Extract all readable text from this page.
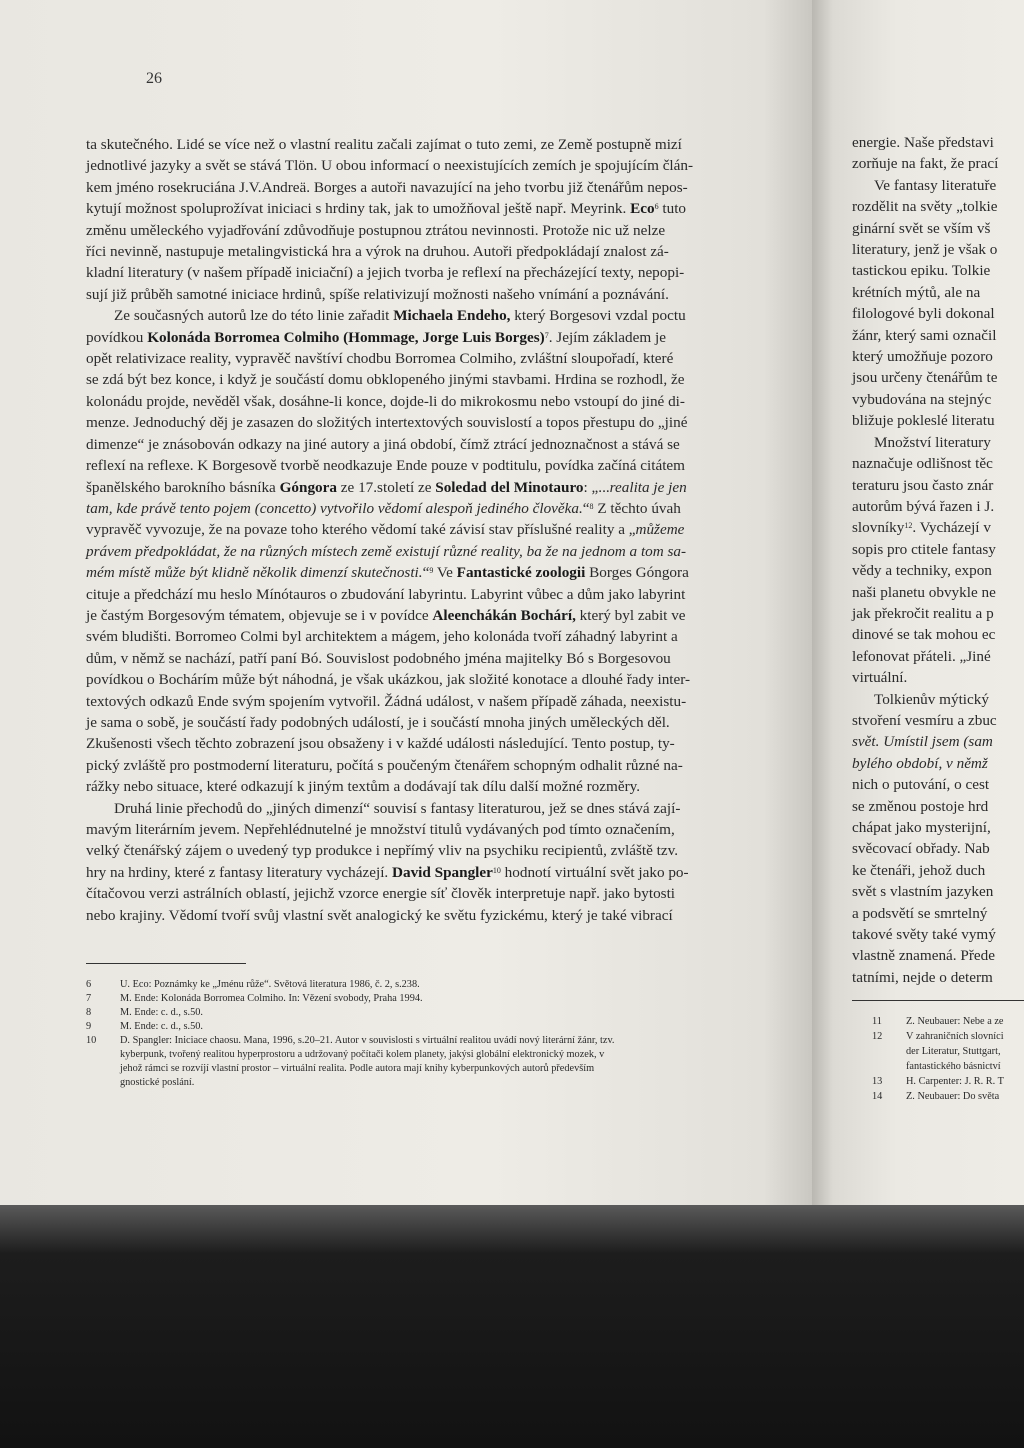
26
ta skutečného. Lidé se více než o vlastní realitu začali zajímat o tuto zemi, ze Země postupně mizí
jednotlivé jazyky a svět se stává Tlön. U obou informací o neexistujících zemích je spojujícím člán-
kem jméno rosekruciána J.V.Andreä. Borges a autoři navazující na jeho tvorbu již čtenářům nepos-
kytují možnost spoluprožívat iniciaci s hrdiny tak, jak to umožňoval ještě např. Meyrink. Eco$^6$ tuto
změnu uměleckého vyjadřování zdůvodňuje postupnou ztrátou nevinnosti. Protože nic už nelze
říci nevinně, nastupuje metalingvistická hra a výrok na druhou. Autoři předpokládají znalost zá-
kladní literatury (v našem případě iniciační) a jejich tvorba je reflexí na přecházející texty, nepopi-
sují již průběh samotné iniciace hrdinů, spíše relativizují možnosti našeho vnímání a poznávání.
Ze současných autorů lze do této linie zařadit Michaela Endeho, který Borgesovi vzdal poctu
povídkou Kolonáda Borromea Colmiho (Hommage, Jorge Luis Borges)$^7$. Jejím základem je
opět relativizace reality, vypravěč navštíví chodbu Borromea Colmiho, zvláštní sloupořadí, které
se zdá být bez konce, i když je součástí domu obklopeného jinými stavbami. Hrdina se rozhodl, že
kolonádu projde, nevěděl však, dosáhne-li konce, dojde-li do mikrokosmu nebo vstoupí do jiné di-
menze. Jednoduchý děj je zasazen do složitých intertextových souvislostí a topos přestupu do „jiné
dimenze“ je znásobován odkazy na jiné autory a jiná období, čímž ztrácí jednoznačnost a stává se
reflexí na reflexe. K Borgesově tvorbě neodkazuje Ende pouze v podtitulu, povídka začíná citátem
španělského barokního básníka Góngora ze 17.století ze Soledad del Minotauro: „...realita je jen
tam, kde právě tento pojem (concetto) vytvořilo vědomí alespoň jediného člověka.“$^8$ Z těchto úvah
vypravěč vyvozuje, že na povaze toho kterého vědomí také závisí stav příslušné reality a „můžeme
právem předpokládat, že na různých místech země existují různé reality, ba že na jednom a tom sa-
mém místě může být klidně několik dimenzí skutečnosti.“$^9$ Ve Fantastické zoologii Borges Góngora
cituje a předchází mu heslo Mínótauros o zbudování labyrintu. Labyrint vůbec a dům jako labyrint
je častým Borgesovým tématem, objevuje se i v povídce Aleenchákán Bochárí, který byl zabit ve
svém bludišti. Borromeo Colmi byl architektem a mágem, jeho kolonáda tvoří záhadný labyrint a
dům, v němž se nachází, patří paní Bó. Souvislost podobného jména majitelky Bó s Borgesovou
povídkou o Bochárím může být náhodná, je však ukázkou, jak složité konotace a dlouhé řady inter-
textových odkazů Ende svým spojením vytvořil. Žádná událost, v našem případě záhada, neexistu-
je sama o sobě, je součástí řady podobných událostí, je i součástí mnoha jiných uměleckých děl.
Zkušenosti všech těchto zobrazení jsou obsaženy i v každé události následující. Tento postup, ty-
pický zvláště pro postmoderní literaturu, počítá s poučeným čtenářem schopným odhalit různé na-
rážky nebo situace, které odkazují k jiným textům a dodávají tak dílu další možné rozměry.
Druhá linie přechodů do „jiných dimenzí“ souvisí s fantasy literaturou, jež se dnes stává zají-
mavým literárním jevem. Nepřehlédnutelné je množství titulů vydávaných pod tímto označením,
velký čtenářský zájem o uvedený typ produkce i nepřímý vliv na psychiku recipientů, zvláště tzv.
hry na hrdiny, které z fantasy literatury vycházejí. David Spangler$^{10}$ hodnotí virtuální svět jako po-
čítačovou verzi astrálních oblastí, jejichž vzorce energie síť člověk interpretuje např. jako bytosti
nebo krajiny. Vědomí tvoří svůj vlastní svět analogický ke světu fyzickému, který je také vibrací
6	U. Eco: Poznámky ke „Jménu růže“. Světová literatura 1986, č. 2, s.238.
7	M. Ende: Kolonáda Borromea Colmiho. In: Vězení svobody, Praha 1994.
8	M. Ende: c. d., s.50.
9	M. Ende: c. d., s.50.
10	D. Spangler: Iniciace chaosu. Mana, 1996, s.20–21. Autor v souvislosti s virtuální realitou uvádí nový literární žánr, tzv.
kyberpunk, tvořený realitou hyperprostoru a udržovaný počítači kolem planety, jakýsi globální elektronický mozek, v
jehož rámci se rozvíjí vlastní prostor – virtuální realita. Podle autora mají knihy kyberpunkových autorů především
gnostické poslání.
energie. Naše představi
zorňuje na fakt, že prací
Ve fantasy literatuře
rozdělit na světy „tolkie
ginární svět se vším vš
literatury, jenž je však o
tastickou epiku. Tolkie
krétních mýtů, ale na
filologové byli dokonal
žánr, který sami označil
který umožňuje pozoro
jsou určeny čtenářům te
vybudována na stejnýc
bližuje pokleslé literatu
Množství literatury
naznačuje odlišnost těc
teraturu jsou často znár
autorům bývá řazen i J.
slovníky$^{12}$. Vycházejí v
sopis pro ctitele fantasy
vědy a techniky, expon
naši planetu obvykle ne
jak překročit realitu a p
dinové se tak mohou ec
lefonovat přáteli. „Jiné
virtuální.
Tolkienův mýtický
stvoření vesmíru a zbuc
svět. Umístil jsem (sam
bylého období, v němž
nich o putování, o cest
se změnou postoje hrd
chápat jako mysterijní,
svěcovací obřady. Nab
ke čtenáři, jehož duch
svět s vlastním jazyken
a podsvětí se smrtelný
takové světy také vymý
vlastně znamená. Přede
tatními, nejde o determ
11	Z. Neubauer: Nebe a ze
12	V zahraničních slovníci
der Literatur, Stuttgart,
fantastického básnictví
13	H. Carpenter: J. R. R. T
14	Z. Neubauer: Do světa
